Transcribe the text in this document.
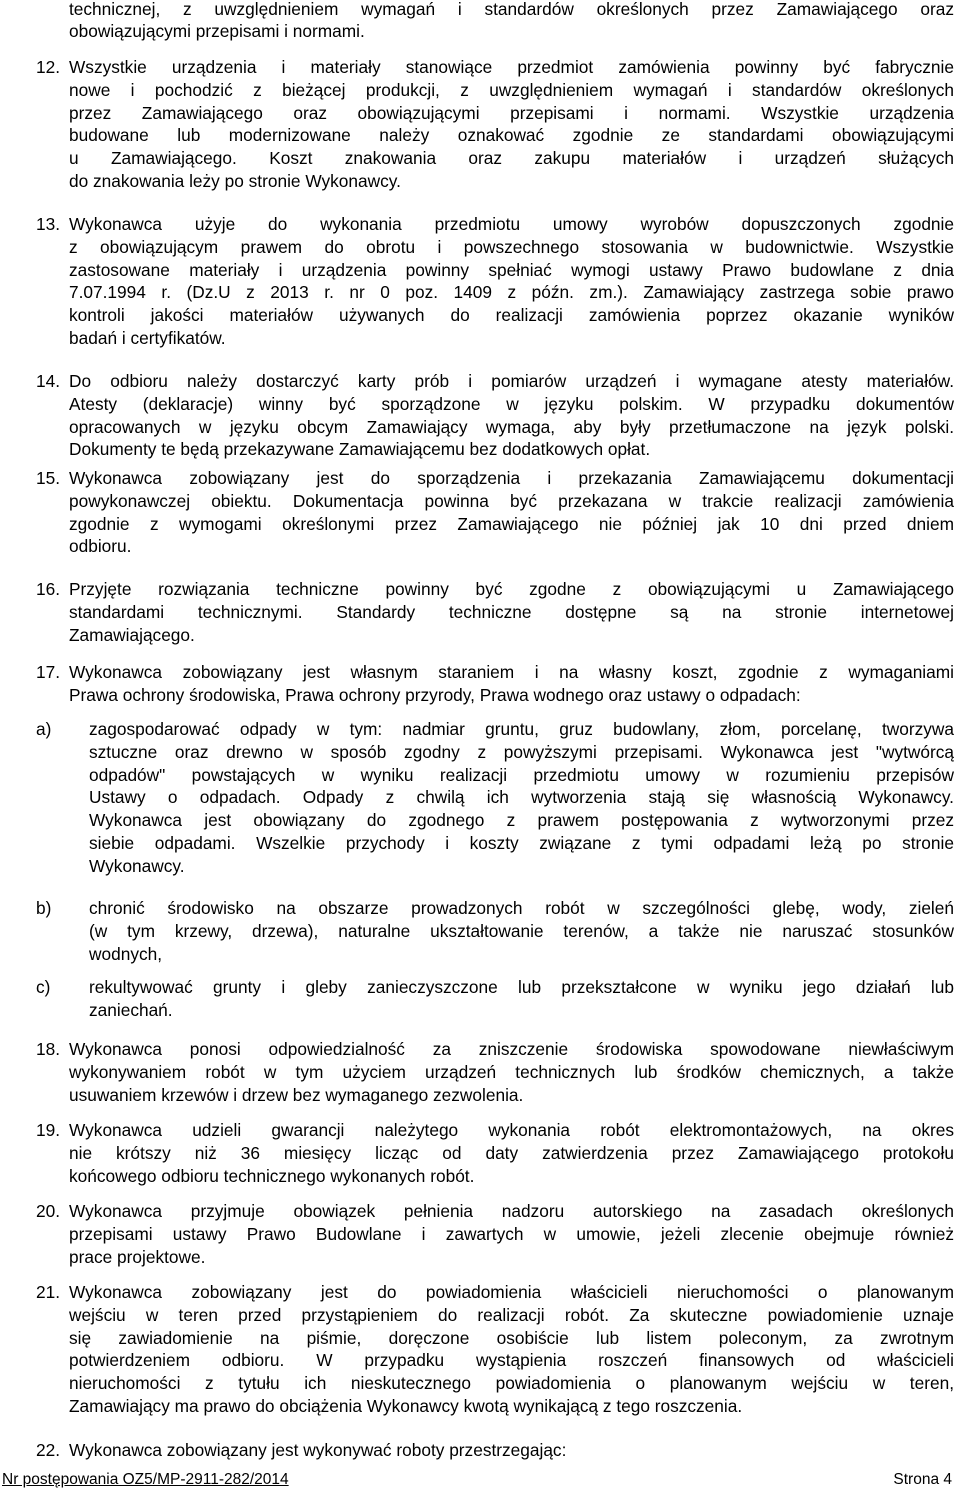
technicznej, z uwzględnieniem wymagań i standardów określonych przez Zamawiającego oraz
obowiązującymi przepisami i normami.
12. Wszystkie urządzenia i materiały stanowiące przedmiot zamówienia powinny być fabrycznie
nowe i pochodzić z bieżącej produkcji, z uwzględnieniem wymagań i standardów określonych
przez Zamawiającego oraz obowiązującymi przepisami i normami. Wszystkie urządzenia
budowane lub modernizowane należy oznakować zgodnie ze standardami obowiązującymi
u Zamawiającego. Koszt znakowania oraz zakupu materiałów i urządzeń służących
do znakowania leży po stronie Wykonawcy.
13. Wykonawca użyje do wykonania przedmiotu umowy wyrobów dopuszczonych zgodnie
z obowiązującym prawem do obrotu i powszechnego stosowania w budownictwie. Wszystkie
zastosowane materiały i urządzenia powinny spełniać wymogi ustawy Prawo budowlane z dnia
7.07.1994 r. (Dz.U z 2013 r. nr 0 poz. 1409 z późn. zm.). Zamawiający zastrzega sobie prawo
kontroli jakości materiałów używanych do realizacji zamówienia poprzez okazanie wyników
badań i certyfikatów.
14. Do odbioru należy dostarczyć karty prób i pomiarów urządzeń i wymagane atesty materiałów.
Atesty (deklaracje) winny być sporządzone w języku polskim. W przypadku dokumentów
opracowanych w języku obcym Zamawiający wymaga, aby były przetłumaczone na język polski.
Dokumenty te będą przekazywane Zamawiającemu bez dodatkowych opłat.
15. Wykonawca zobowiązany jest do sporządzenia i przekazania Zamawiającemu dokumentacji
powykonawczej obiektu. Dokumentacja powinna być przekazana w trakcie realizacji zamówienia
zgodnie z wymogami określonymi przez Zamawiającego nie później jak 10 dni przed dniem
odbioru.
16. Przyjęte rozwiązania techniczne powinny być zgodne z obowiązującymi u Zamawiającego
standardami technicznymi. Standardy techniczne dostępne są na stronie internetowej
Zamawiającego.
17. Wykonawca zobowiązany jest własnym staraniem i na własny koszt, zgodnie z wymaganiami
Prawa ochrony środowiska, Prawa ochrony przyrody, Prawa wodnego oraz ustawy o odpadach:
a) zagospodarować odpady w tym: nadmiar gruntu, gruz budowlany, złom, porcelanę, tworzywa
sztuczne oraz drewno w sposób zgodny z powyższymi przepisami. Wykonawca jest "wytwórcą
odpadów" powstających w wyniku realizacji przedmiotu umowy w rozumieniu przepisów
Ustawy o odpadach. Odpady z chwilą ich wytworzenia stają się własnością Wykonawcy.
Wykonawca jest obowiązany do zgodnego z prawem postępowania z wytworzonymi przez
siebie odpadami. Wszelkie przychody i koszty związane z tymi odpadami leżą po stronie
Wykonawcy.
b) chronić środowisko na obszarze prowadzonych robót w szczególności glebę, wody, zieleń
(w tym krzewy, drzewa), naturalne ukształtowanie terenów, a także nie naruszać stosunków
wodnych,
c) rekultywować grunty i gleby zanieczyszczone lub przekształcone w wyniku jego działań lub
zaniechań.
18. Wykonawca ponosi odpowiedzialność za zniszczenie środowiska spowodowane niewłaściwym
wykonywaniem robót w tym użyciem urządzeń technicznych lub środków chemicznych, a także
usuwaniem krzewów i drzew bez wymaganego zezwolenia.
19. Wykonawca udzieli gwarancji należytego wykonania robót elektromontażowych, na okres
nie krótszy niż 36 miesięcy licząc od daty zatwierdzenia przez Zamawiającego protokołu
końcowego odbioru technicznego wykonanych robót.
20. Wykonawca przyjmuje obowiązek pełnienia nadzoru autorskiego na zasadach określonych
przepisami ustawy Prawo Budowlane i zawartych w umowie, jeżeli zlecenie obejmuje również
prace projektowe.
21. Wykonawca zobowiązany jest do powiadomienia właścicieli nieruchomości o planowanym
wejściu w teren przed przystąpieniem do realizacji robót. Za skuteczne powiadomienie uznaje
się zawiadomienie na piśmie, doręczone osobiście lub listem poleconym, za zwrotnym
potwierdzeniem odbioru. W przypadku wystąpienia roszczeń finansowych od właścicieli
nieruchomości z tytułu ich nieskutecznego powiadomienia o planowanym wejściu w teren,
Zamawiający ma prawo do obciążenia Wykonawcy kwotą wynikającą z tego roszczenia.
22. Wykonawca zobowiązany jest wykonywać roboty przestrzegając:
Nr postępowania OZ5/MP-2911-282/2014	Strona 4
